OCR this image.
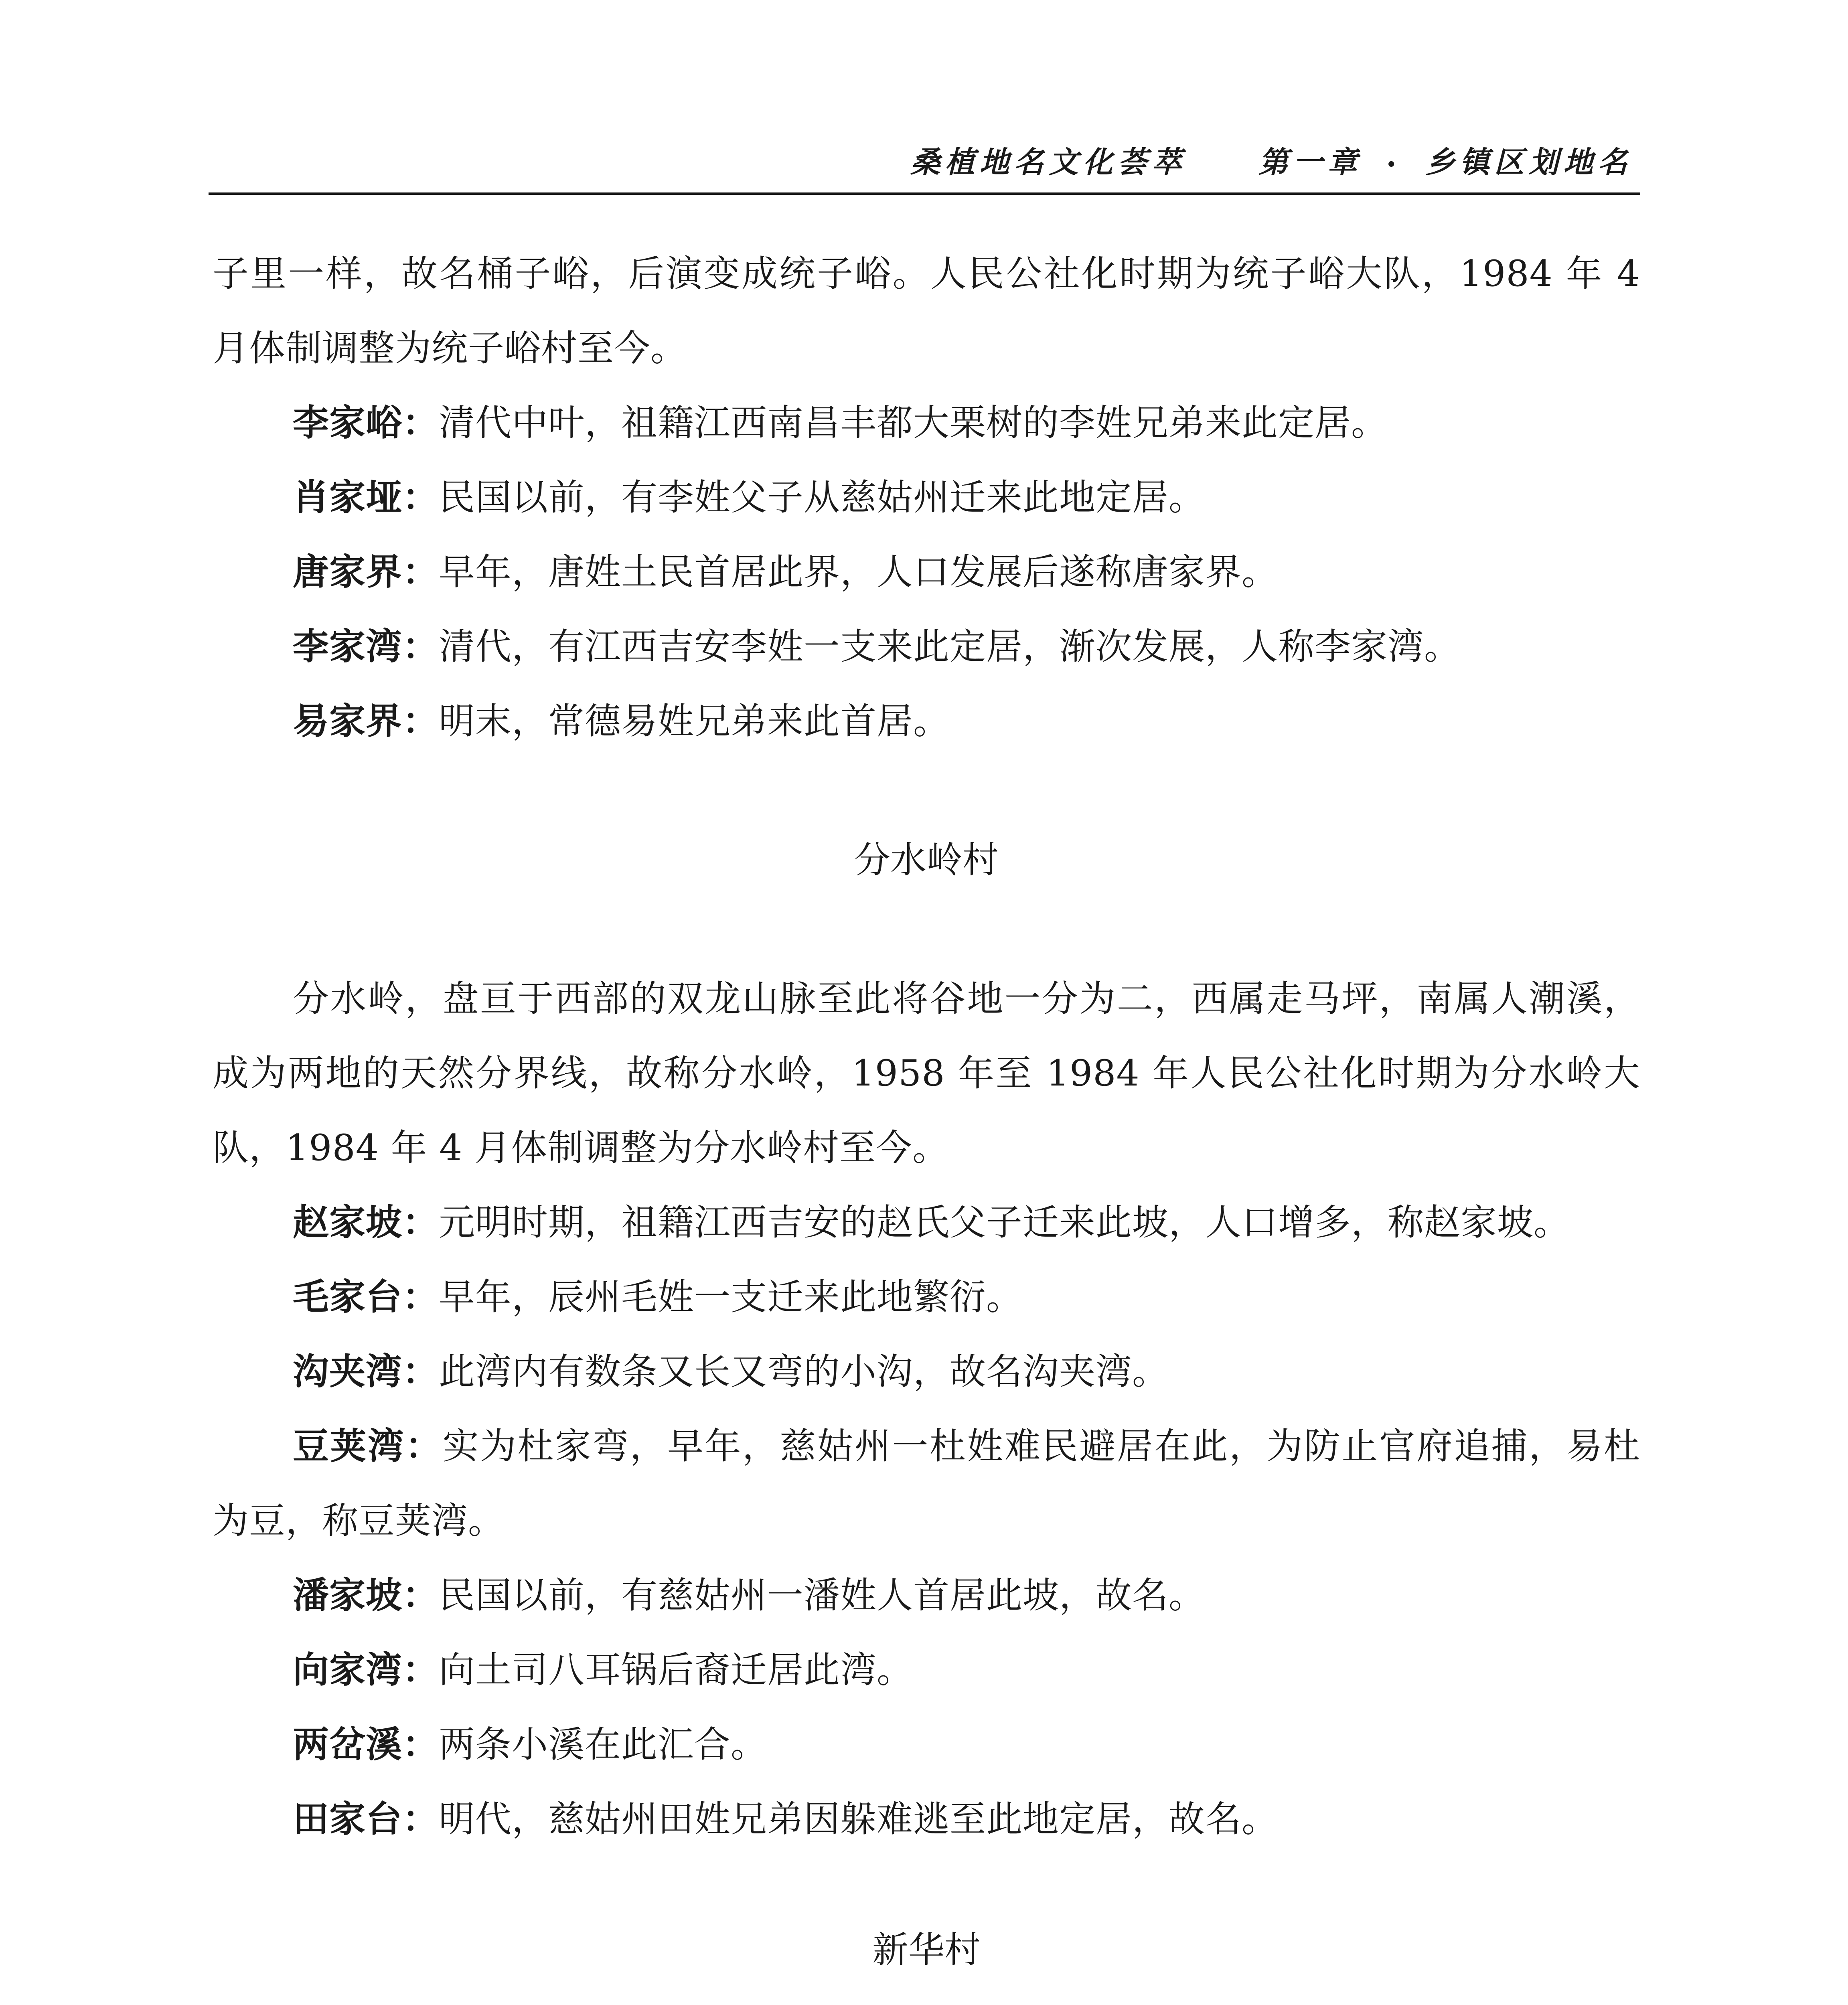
桑植地名文化荟萃 第一章 • 乡镇区划地名

子里一样，故名桶子峪，后演变成统子峪。人民公社化时期为统子峪大队，1984 年 4 月体制调整为统子峪村至今。

李家峪：清代中叶，祖籍江西南昌丰都大栗树的李姓兄弟来此定居。

肖家垭：民国以前，有李姓父子从慈姑州迁来此地定居。

唐家界：早年，唐姓土民首居此界，人口发展后遂称唐家界。

李家湾：清代，有江西吉安李姓一支来此定居，渐次发展，人称李家湾。

易家界：明末，常德易姓兄弟来此首居。

分水岭村

分水岭，盘亘于西部的双龙山脉至此将谷地一分为二，西属走马坪，南属人潮溪，成为两地的天然分界线，故称分水岭，1958 年至 1984 年人民公社化时期为分水岭大队，1984 年 4 月体制调整为分水岭村至今。

赵家坡：元明时期，祖籍江西吉安的赵氏父子迁来此坡，人口增多，称赵家坡。

毛家台：早年，辰州毛姓一支迁来此地繁衍。

沟夹湾：此湾内有数条又长又弯的小沟，故名沟夹湾。

豆荚湾：实为杜家弯，早年，慈姑州一杜姓难民避居在此，为防止官府追捕，易杜为豆，称豆荚湾。

潘家坡：民国以前，有慈姑州一潘姓人首居此坡，故名。

向家湾：向土司八耳锅后裔迁居此湾。

两岔溪：两条小溪在此汇合。

田家台：明代，慈姑州田姓兄弟因躲难逃至此地定居，故名。

新华村
